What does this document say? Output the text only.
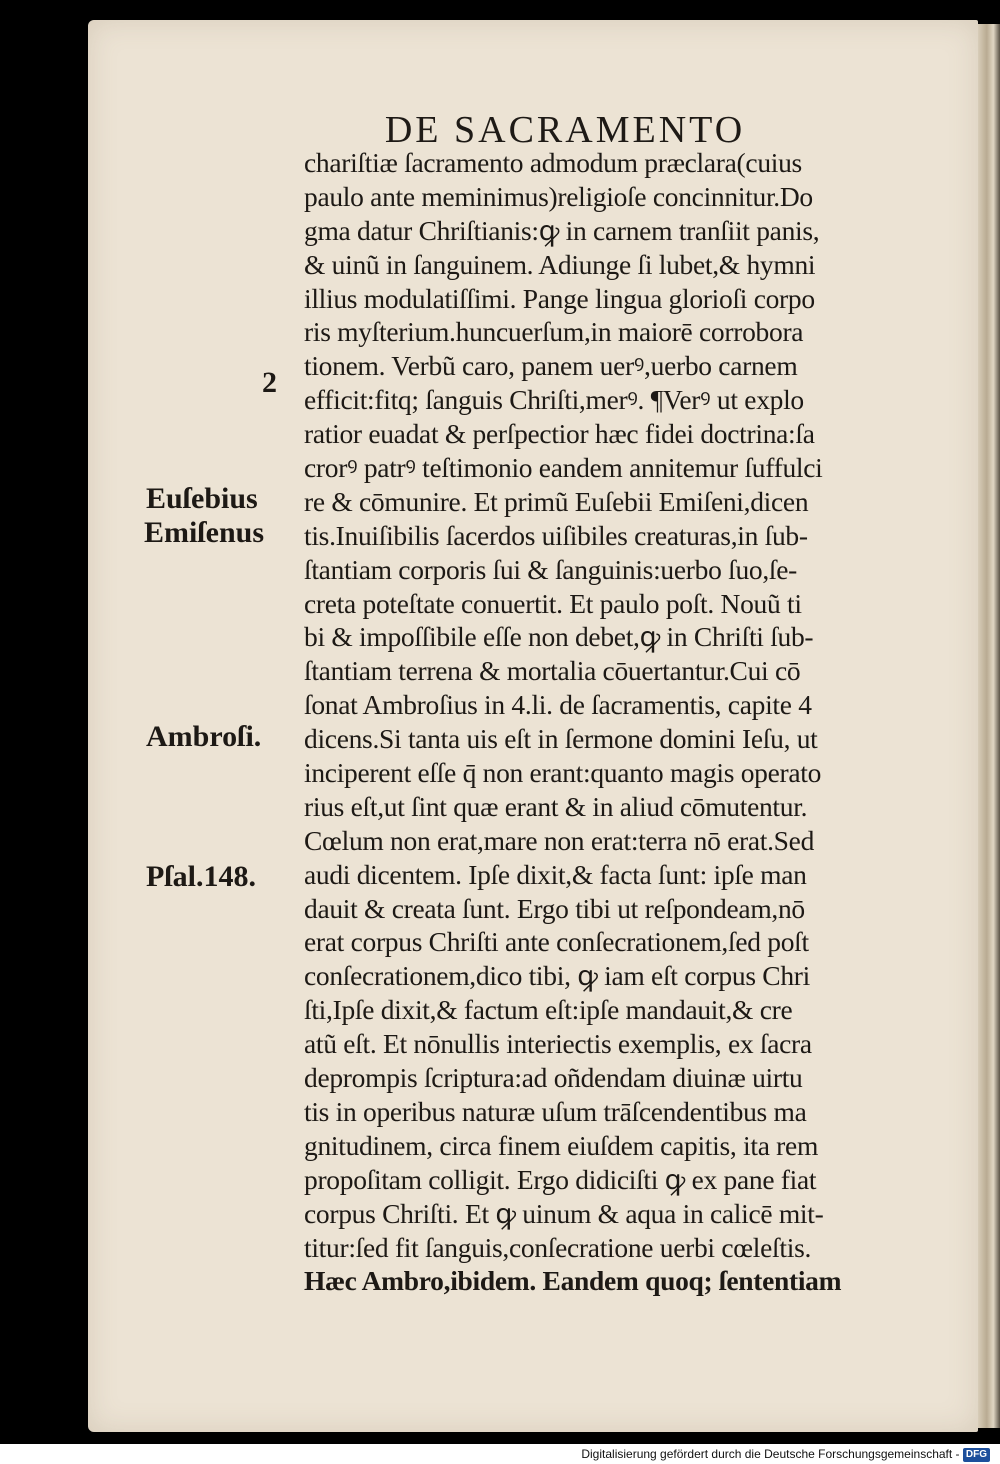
DE SACRAMENTO
chariſtiæ ſacramento admodum præclara(cuius
paulo ante meminimus)religioſe concinnitur.Do
gma datur Chriſtianis:ꝙ in carnem tranſiit panis,
& uinũ in ſanguinem. Adiunge ſi lubet,& hymni
illius modulatiſſimi. Pange lingua glorioſi corpo
ris myſterium.huncuerſum,in maiorē corrobora
tionem. Verbũ caro, panem uerꝰ,uerbo carnem
efficit:fitq; ſanguis Chriſti,merꝰ. ¶Verꝰ ut explo
ratior euadat & perſpectior hæc fidei doctrina:ſa
crorꝰ patrꝰ teſtimonio eandem annitemur ſuffulci
re & cōmunire. Et primũ Euſebii Emiſeni,dicen
tis.Inuiſibilis ſacerdos uiſibiles creaturas,in ſub-
ſtantiam corporis ſui & ſanguinis:uerbo ſuo,ſe-
creta poteſtate conuertit. Et paulo poſt. Nouũ ti
bi & impoſſibile eſſe non debet,ꝙ in Chriſti ſub-
ſtantiam terrena & mortalia cōuertantur.Cui cō
ſonat Ambroſius in 4.li. de ſacramentis, capite 4
dicens.Si tanta uis eſt in ſermone domini Ieſu, ut
inciperent eſſe q̄ non erant:quanto magis operato
rius eſt,ut ſint quæ erant & in aliud cōmutentur.
Cœlum non erat,mare non erat:terra nō erat.Sed
audi dicentem. Ipſe dixit,& facta ſunt: ipſe man
dauit & creata ſunt. Ergo tibi ut reſpondeam,nō
erat corpus Chriſti ante conſecrationem,ſed poſt
conſecrationem,dico tibi, ꝙ iam eſt corpus Chri
ſti,Ipſe dixit,& factum eſt:ipſe mandauit,& cre
atũ eſt. Et nōnullis interiectis exemplis, ex ſacra
deprompis ſcriptura:ad oñdendam diuinæ uirtu
tis in operibus naturæ uſum trāſcendentibus ma
gnitudinem, circa finem eiuſdem capitis, ita rem
propoſitam colligit. Ergo didiciſti ꝙ ex pane fiat
corpus Chriſti. Et ꝙ uinum & aqua in calicē mit-
titur:ſed fit ſanguis,conſecratione uerbi cœleſtis.
Hæc Ambro,ibidem. Eandem quoq; ſententiam
2
Euſebius
Emiſenus
Ambroſi.
Pſal.148.
Digitalisierung gefördert durch die Deutsche Forschungsgemeinschaft - DFG
